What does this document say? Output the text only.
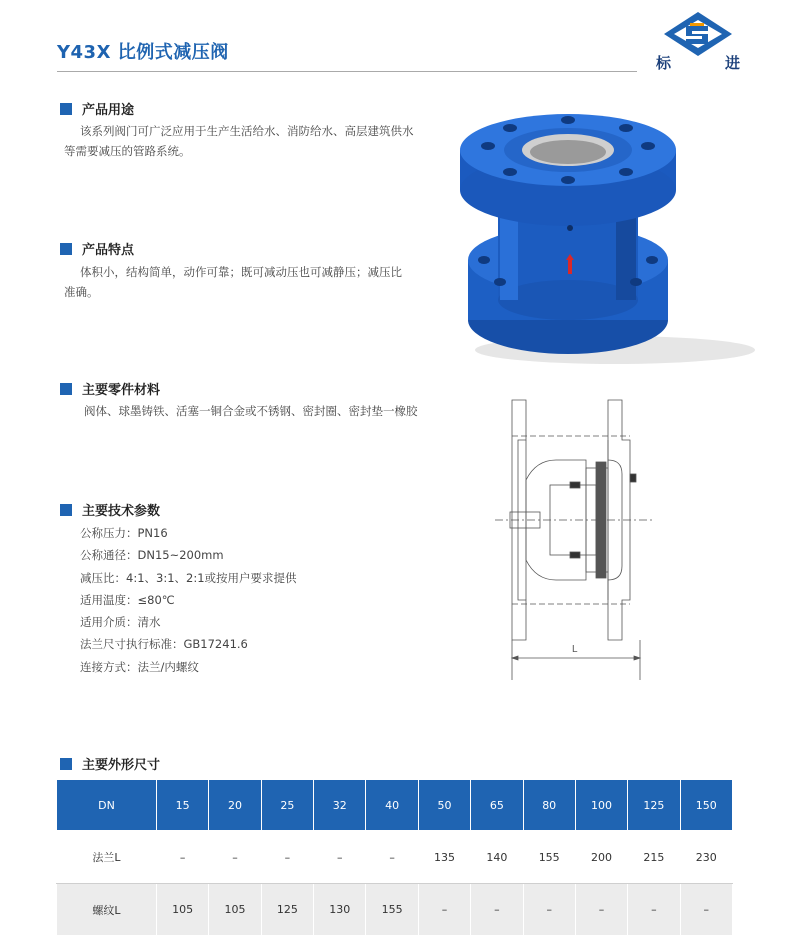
Y43X 比例式减压阀	标	进
产品用途
该系列阀门可广泛应用于生产生活给水、消防给水、高层建筑供水
等需要减压的管路系统。
产品特点
体积小，结构简单，动作可靠；既可减动压也可减静压；减压比
准确。
主要零件材料
阀体、球墨铸铁、活塞一铜合金或不锈钢、密封圈、密封垫一橡胶
主要技术参数
公称压力：PN16
公称通径：DN15~200mm
减压比：4:1、3:1、2:1或按用户要求提供
适用温度：≤80℃
适用介质：清水
法兰尺寸执行标准：GB17241.6
连接方式：法兰/内螺纹
L
主要外形尺寸
DN	15	20	25	32	40	50	65	80	100	125	150
法兰L	–	–	–	–	–	135	140	155	200	215	230
螺纹L	105	105	125	130	155	–	–	–	–	–	–
